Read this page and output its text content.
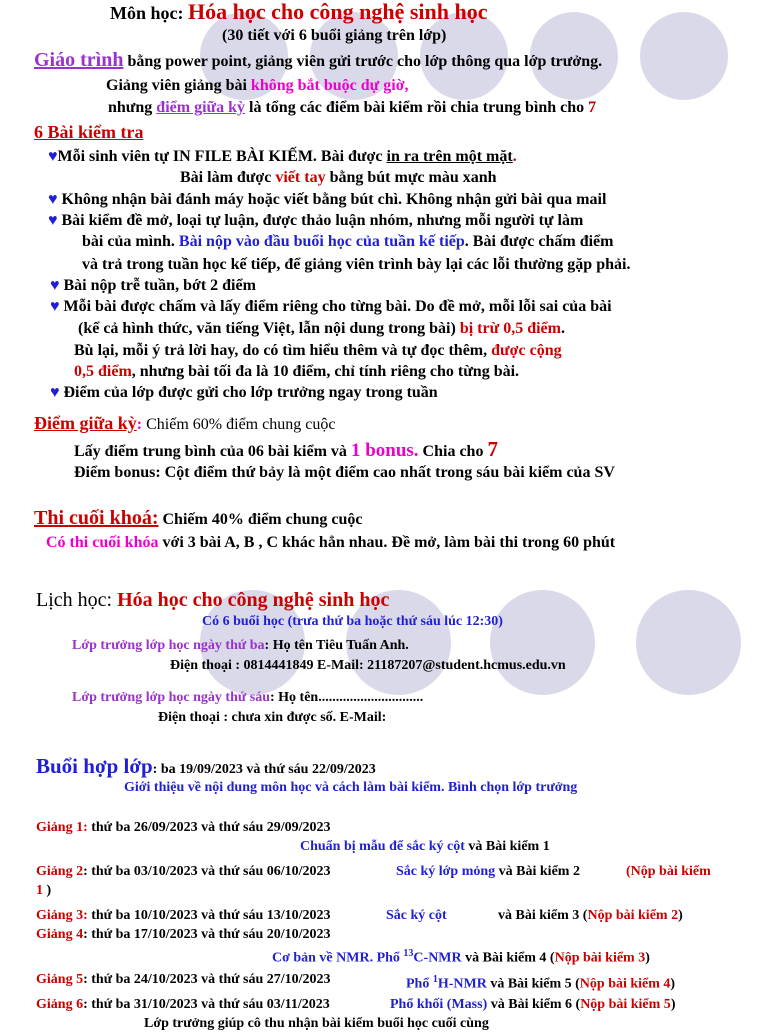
Môn học: Hóa học cho công nghệ sinh học
(30 tiết với 6 buổi giảng trên lớp)
Giáo trình bằng power point, giảng viên gửi trước cho lớp thông qua lớp trưởng.
Giảng viên giảng bài không bắt buộc dự giờ,
nhưng điểm giữa kỳ là tổng các điểm bài kiểm rồi chia trung bình cho 7
6 Bài kiểm tra
♥Mỗi sinh viên tự IN FILE BÀI KIẾM. Bài được in ra trên một mặt.
Bài làm được viết tay bằng bút mực màu xanh
♥ Không nhận bài đánh máy hoặc viết bằng bút chì. Không nhận gửi bài qua mail
♥ Bài kiểm đề mở, loại tự luận, được thảo luận nhóm, nhưng mỗi người tự làm
bài của mình. Bài nộp vào đầu buổi học của tuần kế tiếp. Bài được chấm điểm
và trả trong tuần học kế tiếp, để giảng viên trình bày lại các lỗi thường gặp phải.
♥ Bài nộp trễ tuần, bớt 2 điểm
♥ Mỗi bài được chấm và lấy điểm riêng cho từng bài. Do đề mở, mỗi lỗi sai của bài
(kể cả hình thức, văn tiếng Việt, lẫn nội dung trong bài) bị trừ 0,5 điểm.
Bù lại, mỗi ý trả lời hay, do có tìm hiểu thêm và tự đọc thêm, được cộng
0,5 điểm, nhưng bài tối đa là 10 điểm, chỉ tính riêng cho từng bài.
♥ Điểm của lớp được gửi cho lớp trưởng ngay trong tuần
Điểm giữa kỳ: Chiếm 60% điểm chung cuộc
Lấy điểm trung bình của 06 bài kiểm và 1 bonus. Chia cho 7
Điểm bonus: Cột điểm thứ bảy là một điểm cao nhất trong sáu bài kiểm của SV
Thi cuối khoá: Chiếm 40% điểm chung cuộc
Có thi cuối khóa với 3 bài A, B , C khác hẳn nhau. Đề mở, làm bài thi trong 60 phút
Lịch học: Hóa học cho công nghệ sinh học
Có 6 buổi học (trưa thứ ba hoặc thứ sáu lúc 12:30)
Lớp trưởng lớp học ngày thứ ba: Họ tên Tiêu Tuấn Anh.
Điện thoại : 0814441849 E-Mail: 21187207@student.hcmus.edu.vn
Lớp trưởng lớp học ngày thứ sáu: Họ tên..............................
Điện thoại : chưa xin được số. E-Mail:
Buổi hợp lớp: ba 19/09/2023 và thứ sáu 22/09/2023
Giới thiệu về nội dung môn học và cách làm bài kiểm. Bình chọn lớp trưởng
Giảng 1: thứ ba 26/09/2023 và thứ sáu 29/09/2023
Chuẩn bị mẫu để sắc ký cột và Bài kiểm 1
Giảng 2: thứ ba 03/10/2023 và thứ sáu 06/10/2023	Sắc ký lớp mỏng và Bài kiểm 2	(Nộp bài kiểm
1 )
Giảng 3: thứ ba 10/10/2023 và thứ sáu 13/10/2023	Sắc ký cột	và Bài kiểm 3 (Nộp bài kiểm 2)
Giảng 4: thứ ba 17/10/2023 và thứ sáu 20/10/2023
Cơ bản về NMR. Phổ $^{13}$C-NMR và Bài kiểm 4 (Nộp bài kiểm 3)
Giảng 5: thứ ba 24/10/2023 và thứ sáu 27/10/2023	Phổ $^1$H-NMR và Bài kiểm 5 (Nộp bài kiểm 4)
Giảng 6: thứ ba 31/10/2023 và thứ sáu 03/11/2023	Phổ khối (Mass) và Bài kiểm 6 (Nộp bài kiểm 5)
Lớp trưởng giúp cô thu nhận bài kiểm buổi học cuối cùng
